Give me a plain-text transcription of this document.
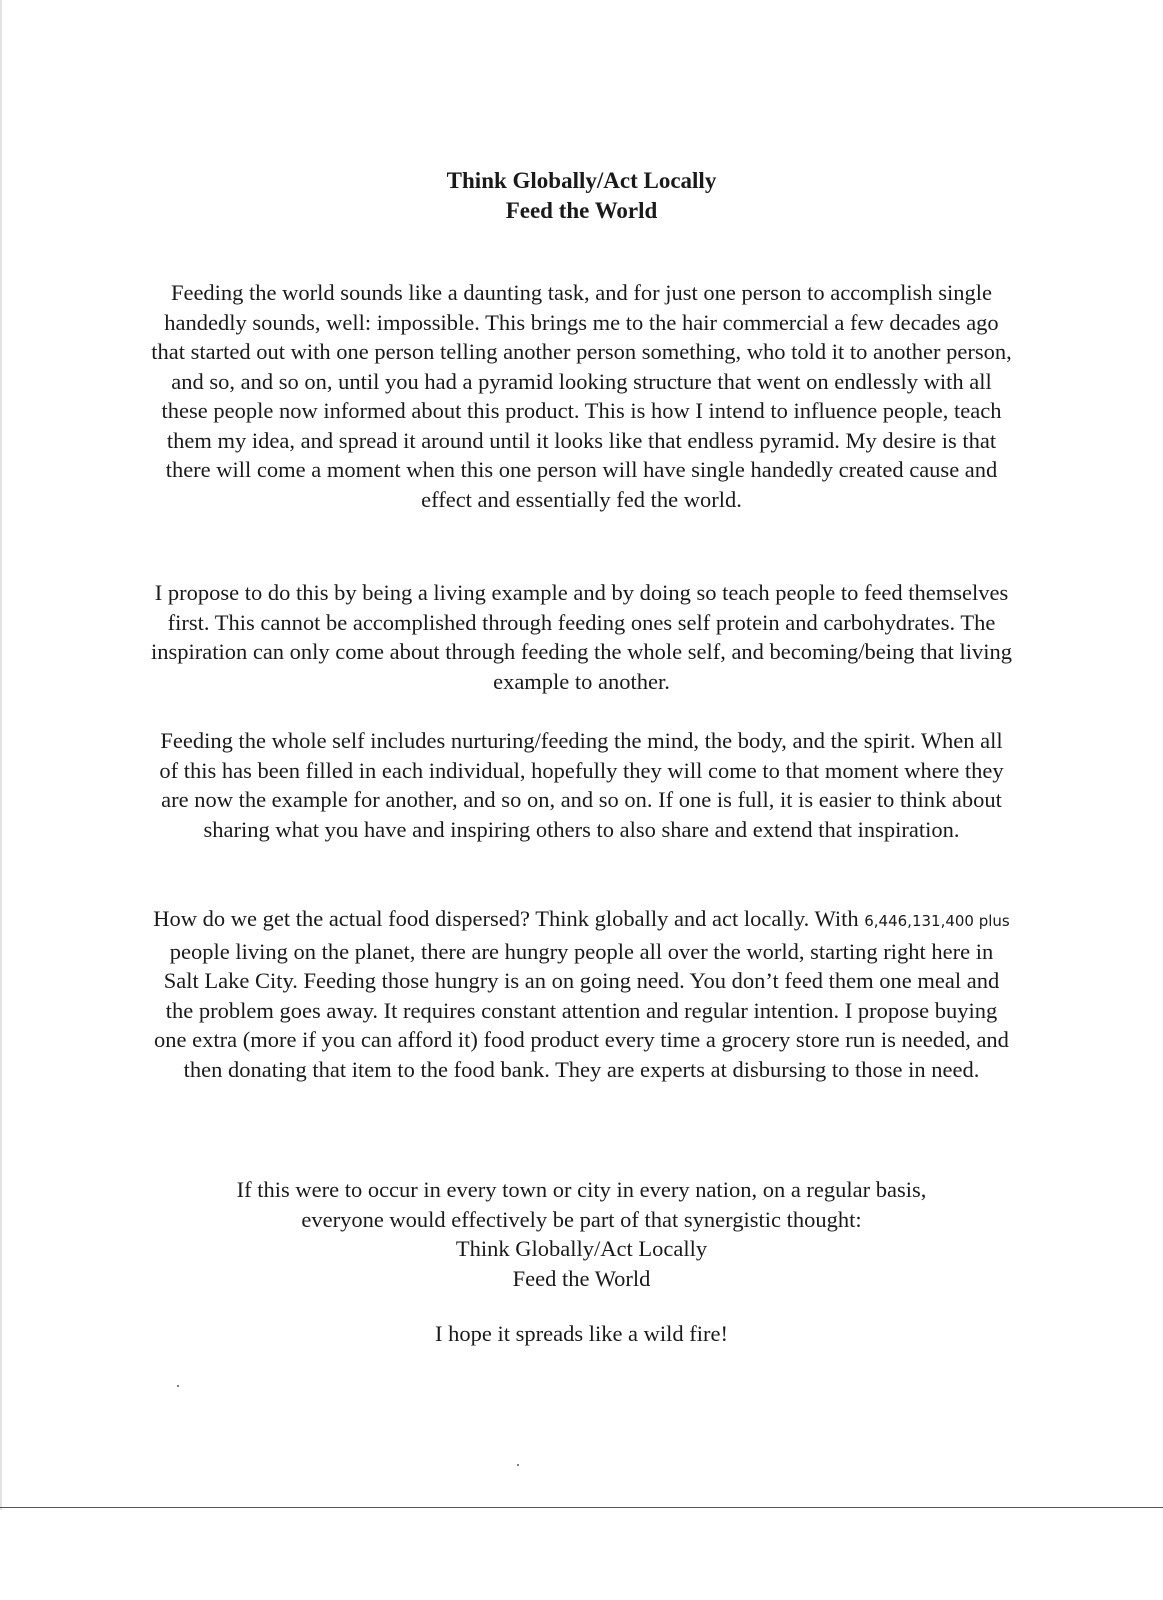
Think Globally/Act Locally
Feed the World

Feeding the world sounds like a daunting task, and for just one person to accomplish single handedly sounds, well: impossible. This brings me to the hair commercial a few decades ago that started out with one person telling another person something, who told it to another person, and so, and so on, until you had a pyramid looking structure that went on endlessly with all these people now informed about this product. This is how I intend to influence people, teach them my idea, and spread it around until it looks like that endless pyramid. My desire is that there will come a moment when this one person will have single handedly created cause and effect and essentially fed the world.

I propose to do this by being a living example and by doing so teach people to feed themselves first. This cannot be accomplished through feeding ones self protein and carbohydrates. The inspiration can only come about through feeding the whole self, and becoming/being that living example to another.

Feeding the whole self includes nurturing/feeding the mind, the body, and the spirit. When all of this has been filled in each individual, hopefully they will come to that moment where they are now the example for another, and so on, and so on. If one is full, it is easier to think about sharing what you have and inspiring others to also share and extend that inspiration.

How do we get the actual food dispersed? Think globally and act locally. With 6,446,131,400 plus people living on the planet, there are hungry people all over the world, starting right here in Salt Lake City. Feeding those hungry is an on going need. You don’t feed them one meal and the problem goes away. It requires constant attention and regular intention. I propose buying one extra (more if you can afford it) food product every time a grocery store run is needed, and then donating that item to the food bank. They are experts at disbursing to those in need.

If this were to occur in every town or city in every nation, on a regular basis,
everyone would effectively be part of that synergistic thought:
Think Globally/Act Locally
Feed the World
I hope it spreads like a wild fire!
